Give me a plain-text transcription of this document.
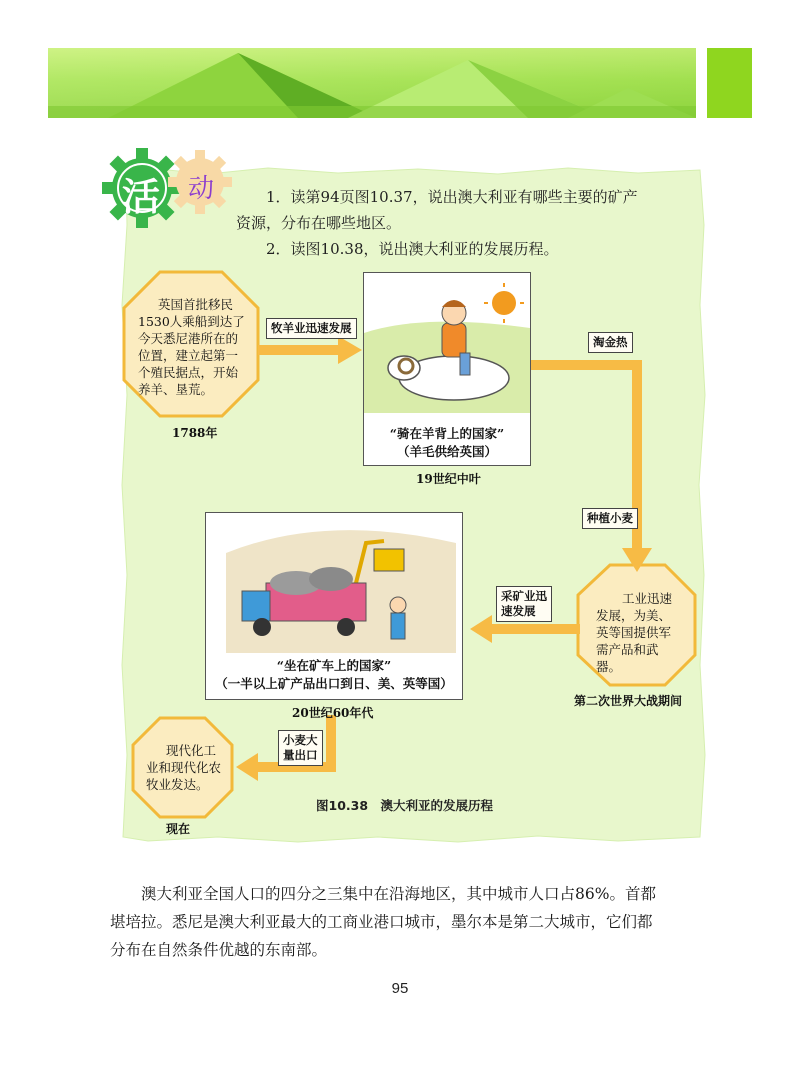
活 动	1．读第94页图10.37，说出澳大利亚有哪些主要的矿产
资源，分布在哪些地区。
2．读图10.38，说出澳大利亚的发展历程。
英国首批移民
1530人乘船到达了
今天悉尼港所在的
位置，建立起第一
个殖民据点，开始
养羊、垦荒。
1788年
牧羊业迅速发展
“骑在羊背上的国家”
（羊毛供给英国）
19世纪中叶
淘金热
种植小麦
工业迅速
发展，为美、
英等国提供军
需产品和武
器。
第二次世界大战期间
采矿业迅
速发展
“坐在矿车上的国家”
（一半以上矿产品出口到日、美、英等国）
20世纪60年代
小麦大
量出口
现代化工
业和现代化农
牧业发达。
现在
图10.38　澳大利亚的发展历程
澳大利亚全国人口的四分之三集中在沿海地区，其中城市人口占86%。首都
堪培拉。悉尼是澳大利亚最大的工商业港口城市，墨尔本是第二大城市，它们都
分布在自然条件优越的东南部。
95
